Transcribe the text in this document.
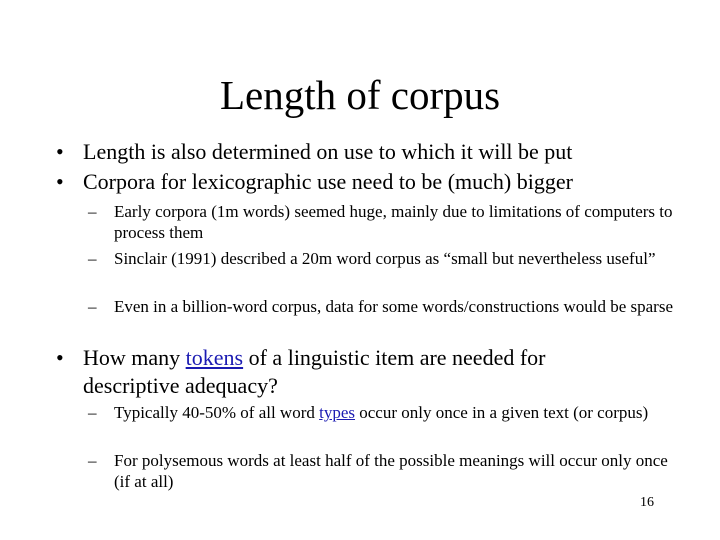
Length of corpus
• Length is also determined on use to which it will be put
• Corpora for lexicographic use need to be (much) bigger
– Early corpora (1m words) seemed huge, mainly due to limitations of computers to process them
– Sinclair (1991) described a 20m word corpus as “small but nevertheless useful”
– Even in a billion-word corpus, data for some words/constructions would be sparse
• How many tokens of a linguistic item are needed for descriptive adequacy?
– Typically 40-50% of all word types occur only once in a given text (or corpus)
– For polysemous words at least half of the possible meanings will occur only once (if at all)
16
